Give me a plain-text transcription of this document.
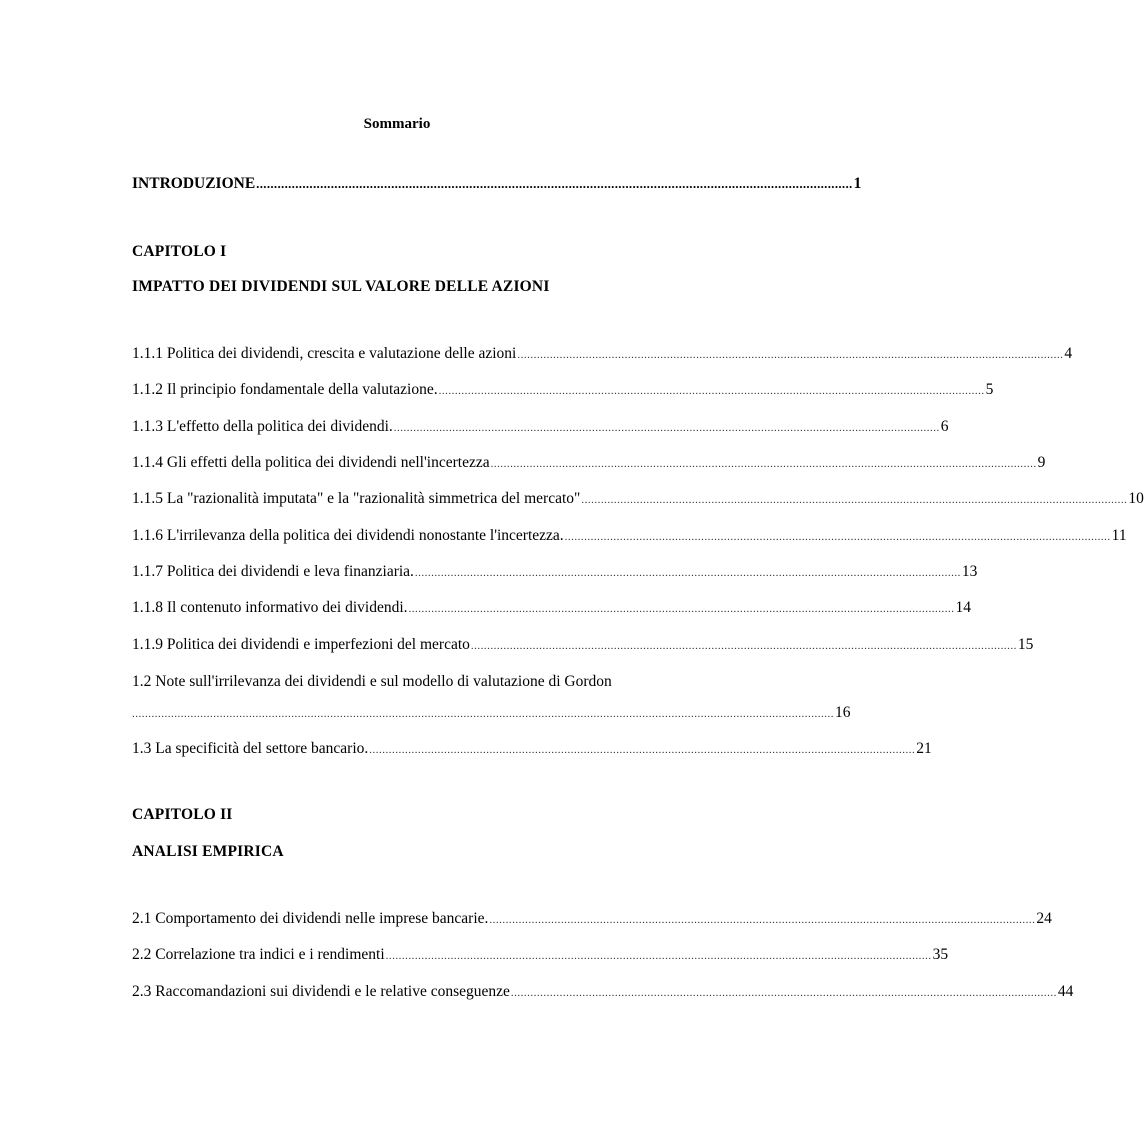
Sommario
INTRODUZIONE ........................................................................................................................................................................ 1
CAPITOLO I
IMPATTO DEI DIVIDENDI SUL VALORE DELLE AZIONI
1.1.1 Politica dei dividendi, crescita e valutazione delle azioni ........................................................................................................................................................................ 4
1.1.2 Il principio fondamentale della valutazione. ........................................................................................................................................................................ 5
1.1.3 L'effetto della politica dei dividendi. ........................................................................................................................................................................ 6
1.1.4 Gli effetti della politica dei dividendi nell'incertezza ........................................................................................................................................................................ 9
1.1.5 La "razionalità imputata" e la "razionalità simmetrica del mercato" ........................................................................................................................................................................ 10
1.1.6 L'irrilevanza della politica dei dividendi nonostante l'incertezza. ........................................................................................................................................................................ 11
1.1.7 Politica dei dividendi e leva finanziaria. ........................................................................................................................................................................ 13
1.1.8 Il contenuto informativo dei dividendi. ........................................................................................................................................................................ 14
1.1.9 Politica dei dividendi e imperfezioni del mercato ........................................................................................................................................................................ 15
1.2 Note sull'irrilevanza dei dividendi e sul modello di valutazione di Gordon
........................................................................................................................................................................................................................ 16
1.3 La specificità del settore bancario. ........................................................................................................................................................................ 21
CAPITOLO II
ANALISI EMPIRICA
2.1 Comportamento dei dividendi nelle imprese bancarie. ........................................................................................................................................................................ 24
2.2 Correlazione tra indici e i rendimenti ........................................................................................................................................................................ 35
2.3 Raccomandazioni sui dividendi e le relative conseguenze ........................................................................................................................................................................ 44
